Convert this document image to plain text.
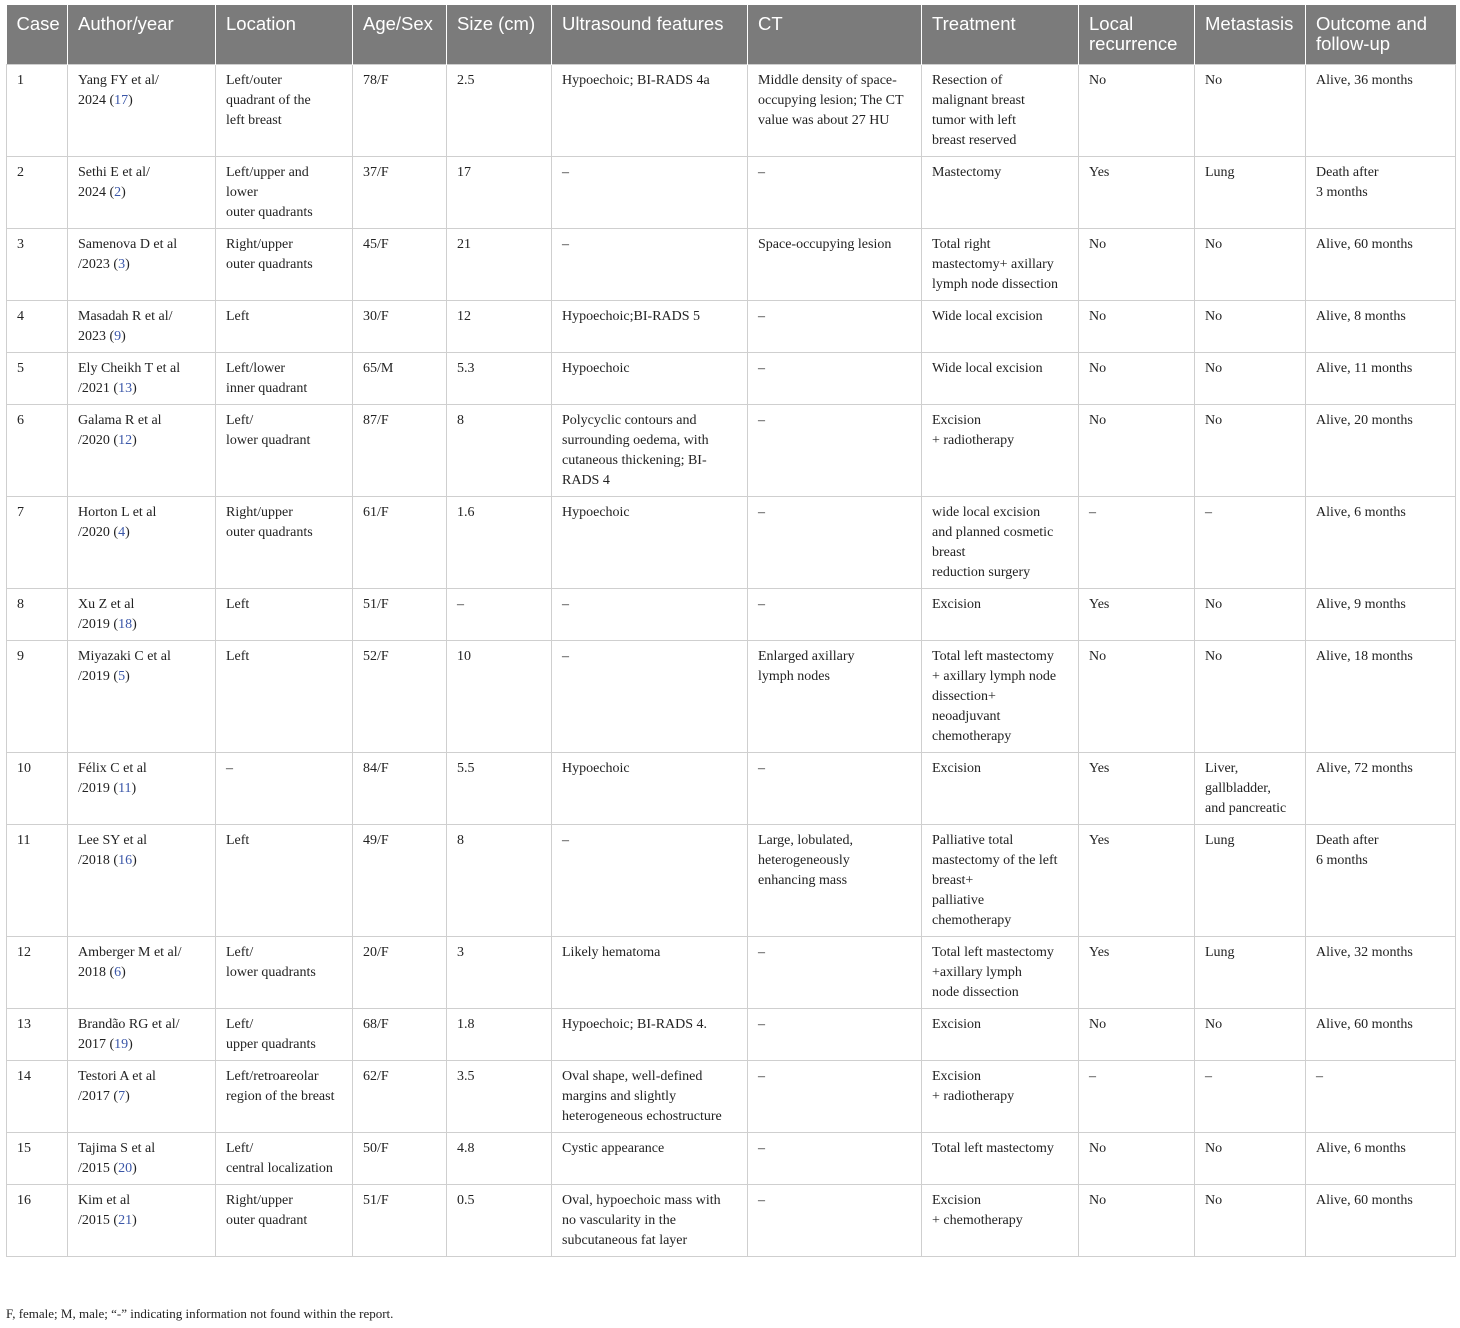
Case	Author/year	Location	Age/Sex	Size (cm)	Ultrasound features	CT	Treatment	Local
recurrence	Metastasis	Outcome and
follow-up
1	Yang FY et al/
2024 (17)	Left/outer
quadrant of the
left breast	78/F	2.5	Hypoechoic; BI-RADS 4a	Middle density of space-
occupying lesion; The CT
value was about 27 HU	Resection of
malignant breast
tumor with left
breast reserved	No	No	Alive, 36 months
2	Sethi E et al/
2024 (2)	Left/upper and
lower
outer quadrants	37/F	17	–	–	Mastectomy	Yes	Lung	Death after
3 months
3	Samenova D et al
/2023 (3)	Right/upper
outer quadrants	45/F	21	–	Space-occupying lesion	Total right
mastectomy+ axillary
lymph node dissection	No	No	Alive, 60 months
4	Masadah R et al/
2023 (9)	Left	30/F	12	Hypoechoic;BI-RADS 5	–	Wide local excision	No	No	Alive, 8 months
5	Ely Cheikh T et al
/2021 (13)	Left/lower
inner quadrant	65/M	5.3	Hypoechoic	–	Wide local excision	No	No	Alive, 11 months
6	Galama R et al
/2020 (12)	Left/
lower quadrant	87/F	8	Polycyclic contours and
surrounding oedema, with
cutaneous thickening; BI-
RADS 4	–	Excision
+ radiotherapy	No	No	Alive, 20 months
7	Horton L et al
/2020 (4)	Right/upper
outer quadrants	61/F	1.6	Hypoechoic	–	wide local excision
and planned cosmetic
breast
reduction surgery	–	–	Alive, 6 months
8	Xu Z et al
/2019 (18)	Left	51/F	–	–	–	Excision	Yes	No	Alive, 9 months
9	Miyazaki C et al
/2019 (5)	Left	52/F	10	–	Enlarged axillary
lymph nodes	Total left mastectomy
+ axillary lymph node
dissection+
neoadjuvant
chemotherapy	No	No	Alive, 18 months
10	Félix C et al
/2019 (11)	–	84/F	5.5	Hypoechoic	–	Excision	Yes	Liver,
gallbladder,
and pancreatic	Alive, 72 months
11	Lee SY et al
/2018 (16)	Left	49/F	8	–	Large, lobulated,
heterogeneously
enhancing mass	Palliative total
mastectomy of the left
breast+
palliative
chemotherapy	Yes	Lung	Death after
6 months
12	Amberger M et al/
2018 (6)	Left/
lower quadrants	20/F	3	Likely hematoma	–	Total left mastectomy
+axillary lymph
node dissection	Yes	Lung	Alive, 32 months
13	Brandão RG et al/
2017 (19)	Left/
upper quadrants	68/F	1.8	Hypoechoic; BI-RADS 4.	–	Excision	No	No	Alive, 60 months
14	Testori A et al
/2017 (7)	Left/retroareolar
region of the breast	62/F	3.5	Oval shape, well-defined
margins and slightly
heterogeneous echostructure	–	Excision
+ radiotherapy	–	–	–
15	Tajima S et al
/2015 (20)	Left/
central localization	50/F	4.8	Cystic appearance	–	Total left mastectomy	No	No	Alive, 6 months
16	Kim et al
/2015 (21)	Right/upper
outer quadrant	51/F	0.5	Oval, hypoechoic mass with
no vascularity in the
subcutaneous fat layer	–	Excision
+ chemotherapy	No	No	Alive, 60 months
F, female; M, male; “-” indicating information not found within the report.
